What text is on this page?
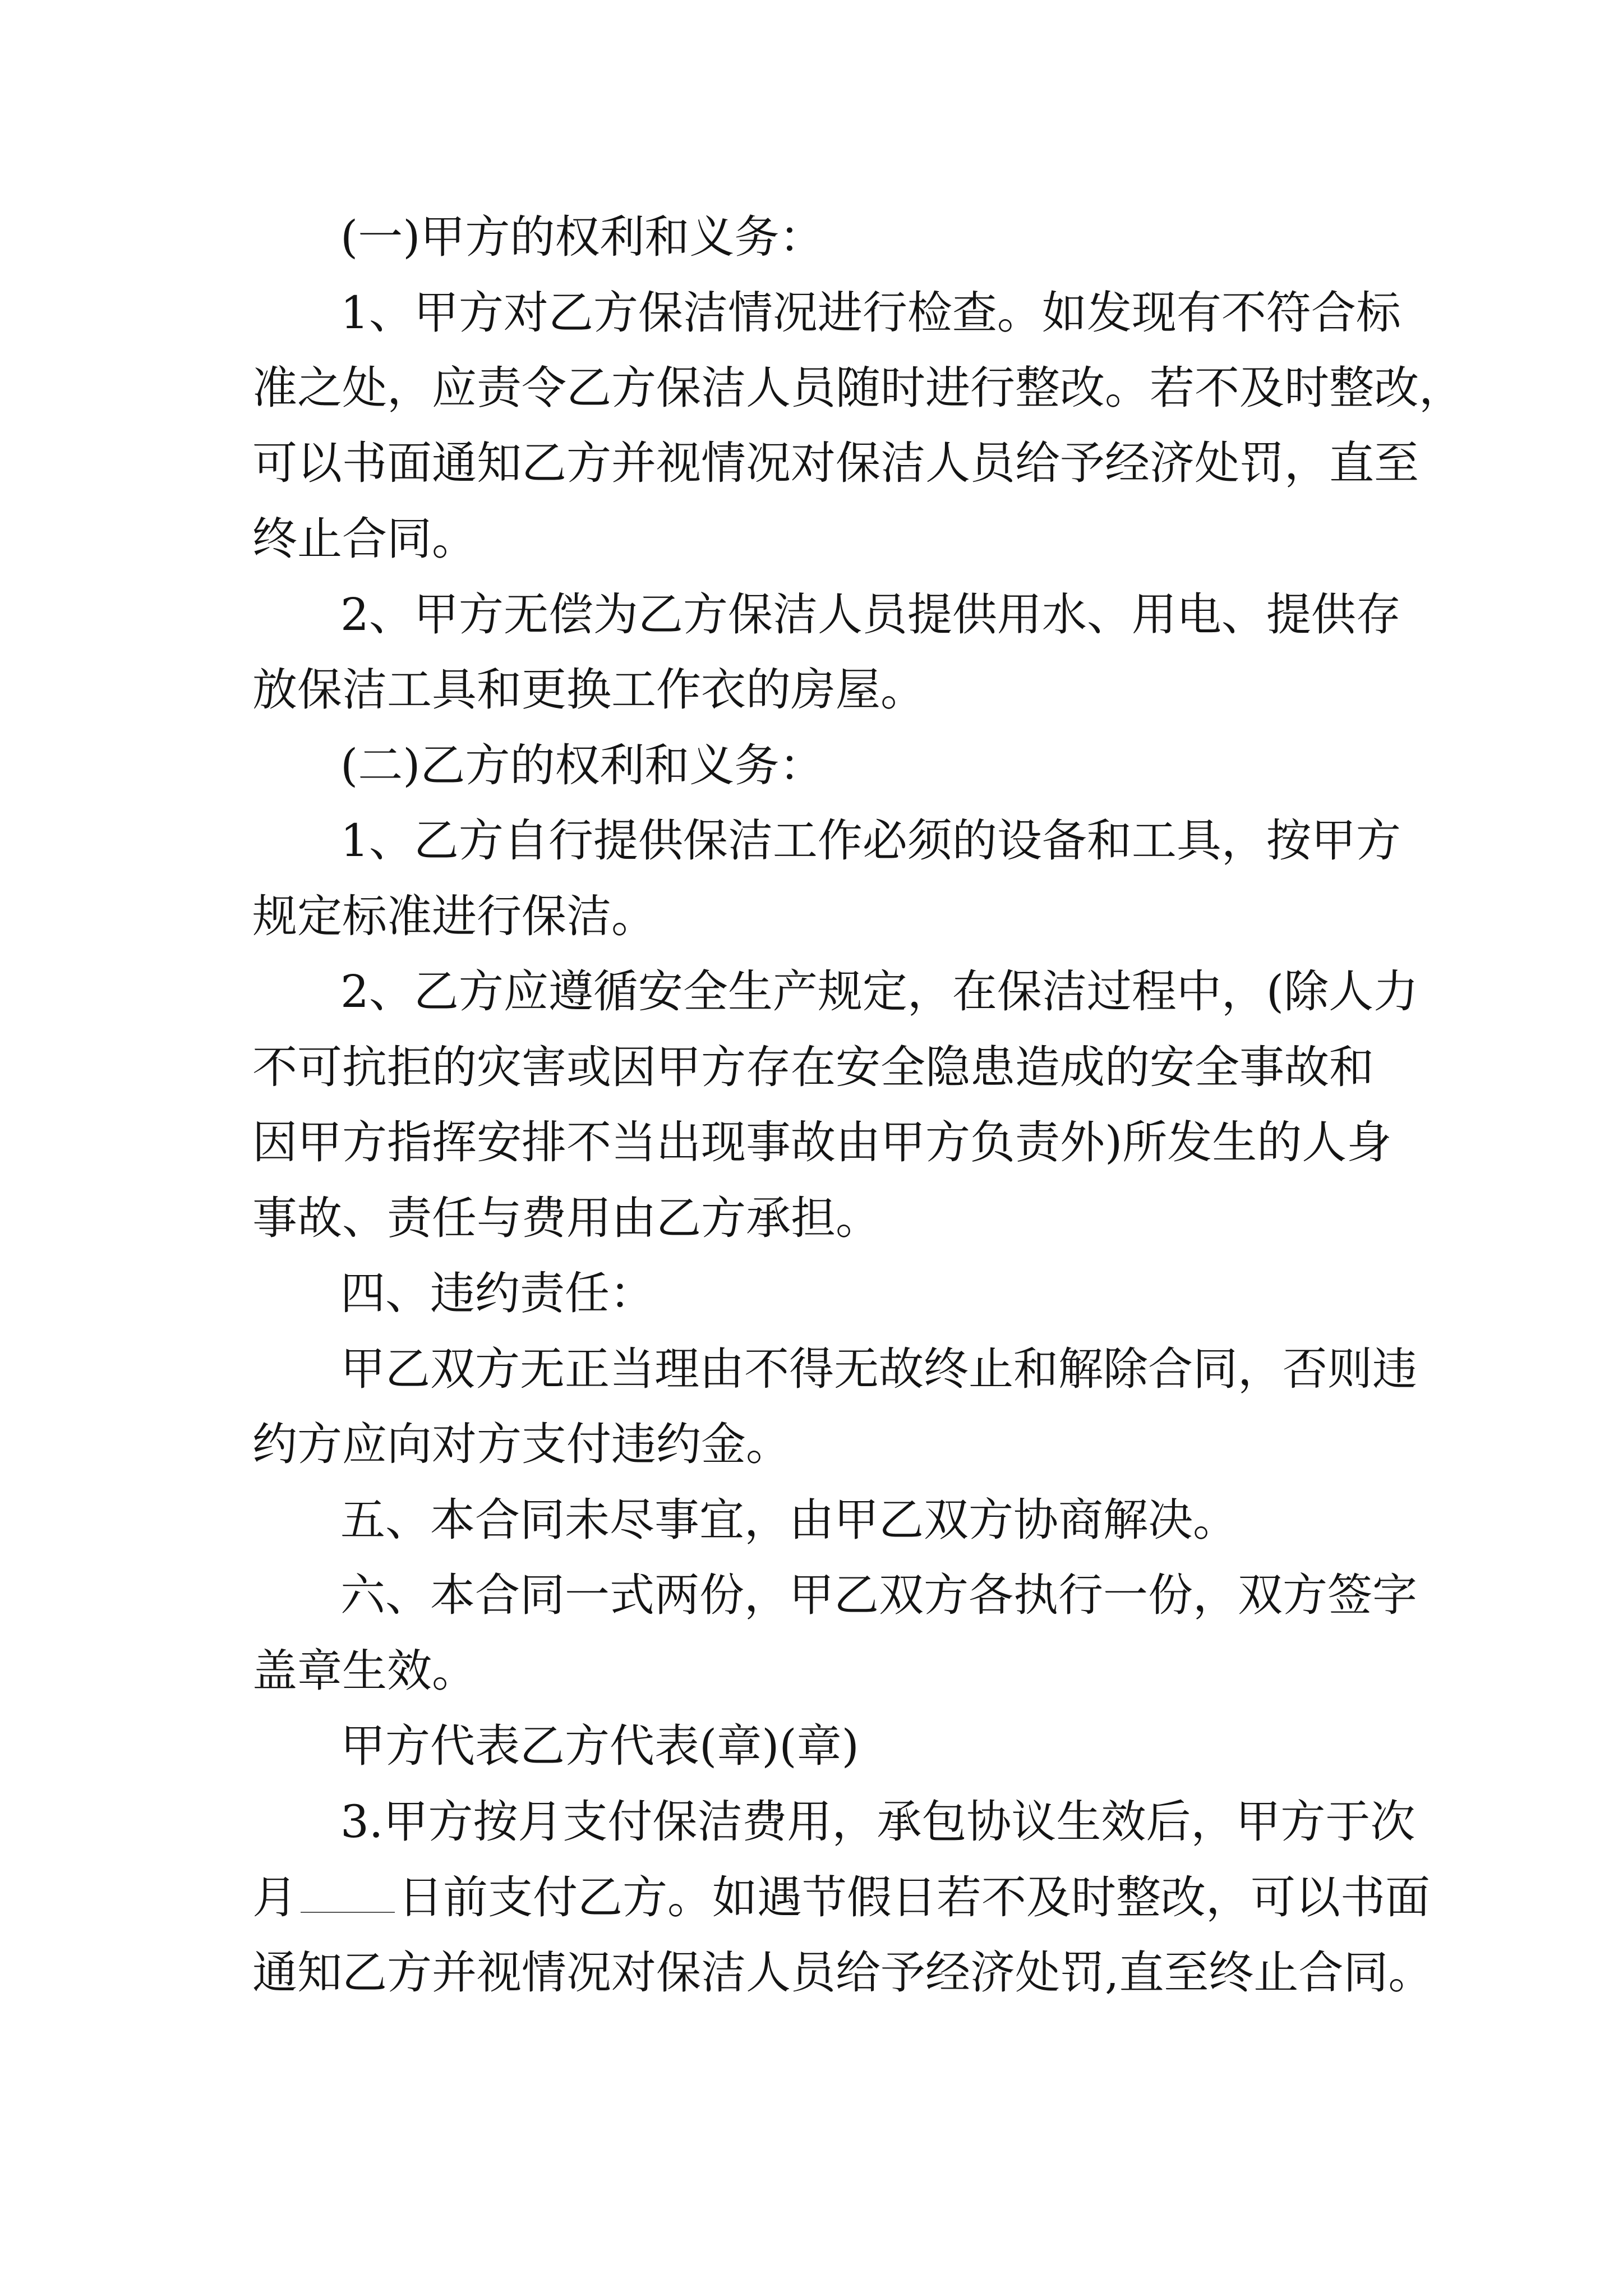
(一)甲方的权利和义务：

1、甲方对乙方保洁情况进行检查。如发现有不符合标

准之处，应责令乙方保洁人员随时进行整改。若不及时整改，

可以书面通知乙方并视情况对保洁人员给予经济处罚，直至

终止合同。

2、甲方无偿为乙方保洁人员提供用水、用电、提供存

放保洁工具和更换工作衣的房屋。

(二)乙方的权利和义务：

1、乙方自行提供保洁工作必须的设备和工具，按甲方

规定标准进行保洁。

2、乙方应遵循安全生产规定，在保洁过程中，(除人力

不可抗拒的灾害或因甲方存在安全隐患造成的安全事故和

因甲方指挥安排不当出现事故由甲方负责外)所发生的人身

事故、责任与费用由乙方承担。

四、违约责任：

甲乙双方无正当理由不得无故终止和解除合同，否则违

约方应向对方支付违约金。

五、本合同未尽事宜，由甲乙双方协商解决。

六、本合同一式两份，甲乙双方各执行一份，双方签字

盖章生效。

甲方代表乙方代表(章)(章)

3.甲方按月支付保洁费用，承包协议生效后，甲方于次

月 日前支付乙方。如遇节假日若不及时整改，可以书面

通知乙方并视情况对保洁人员给予经济处罚,直至终止合同。
